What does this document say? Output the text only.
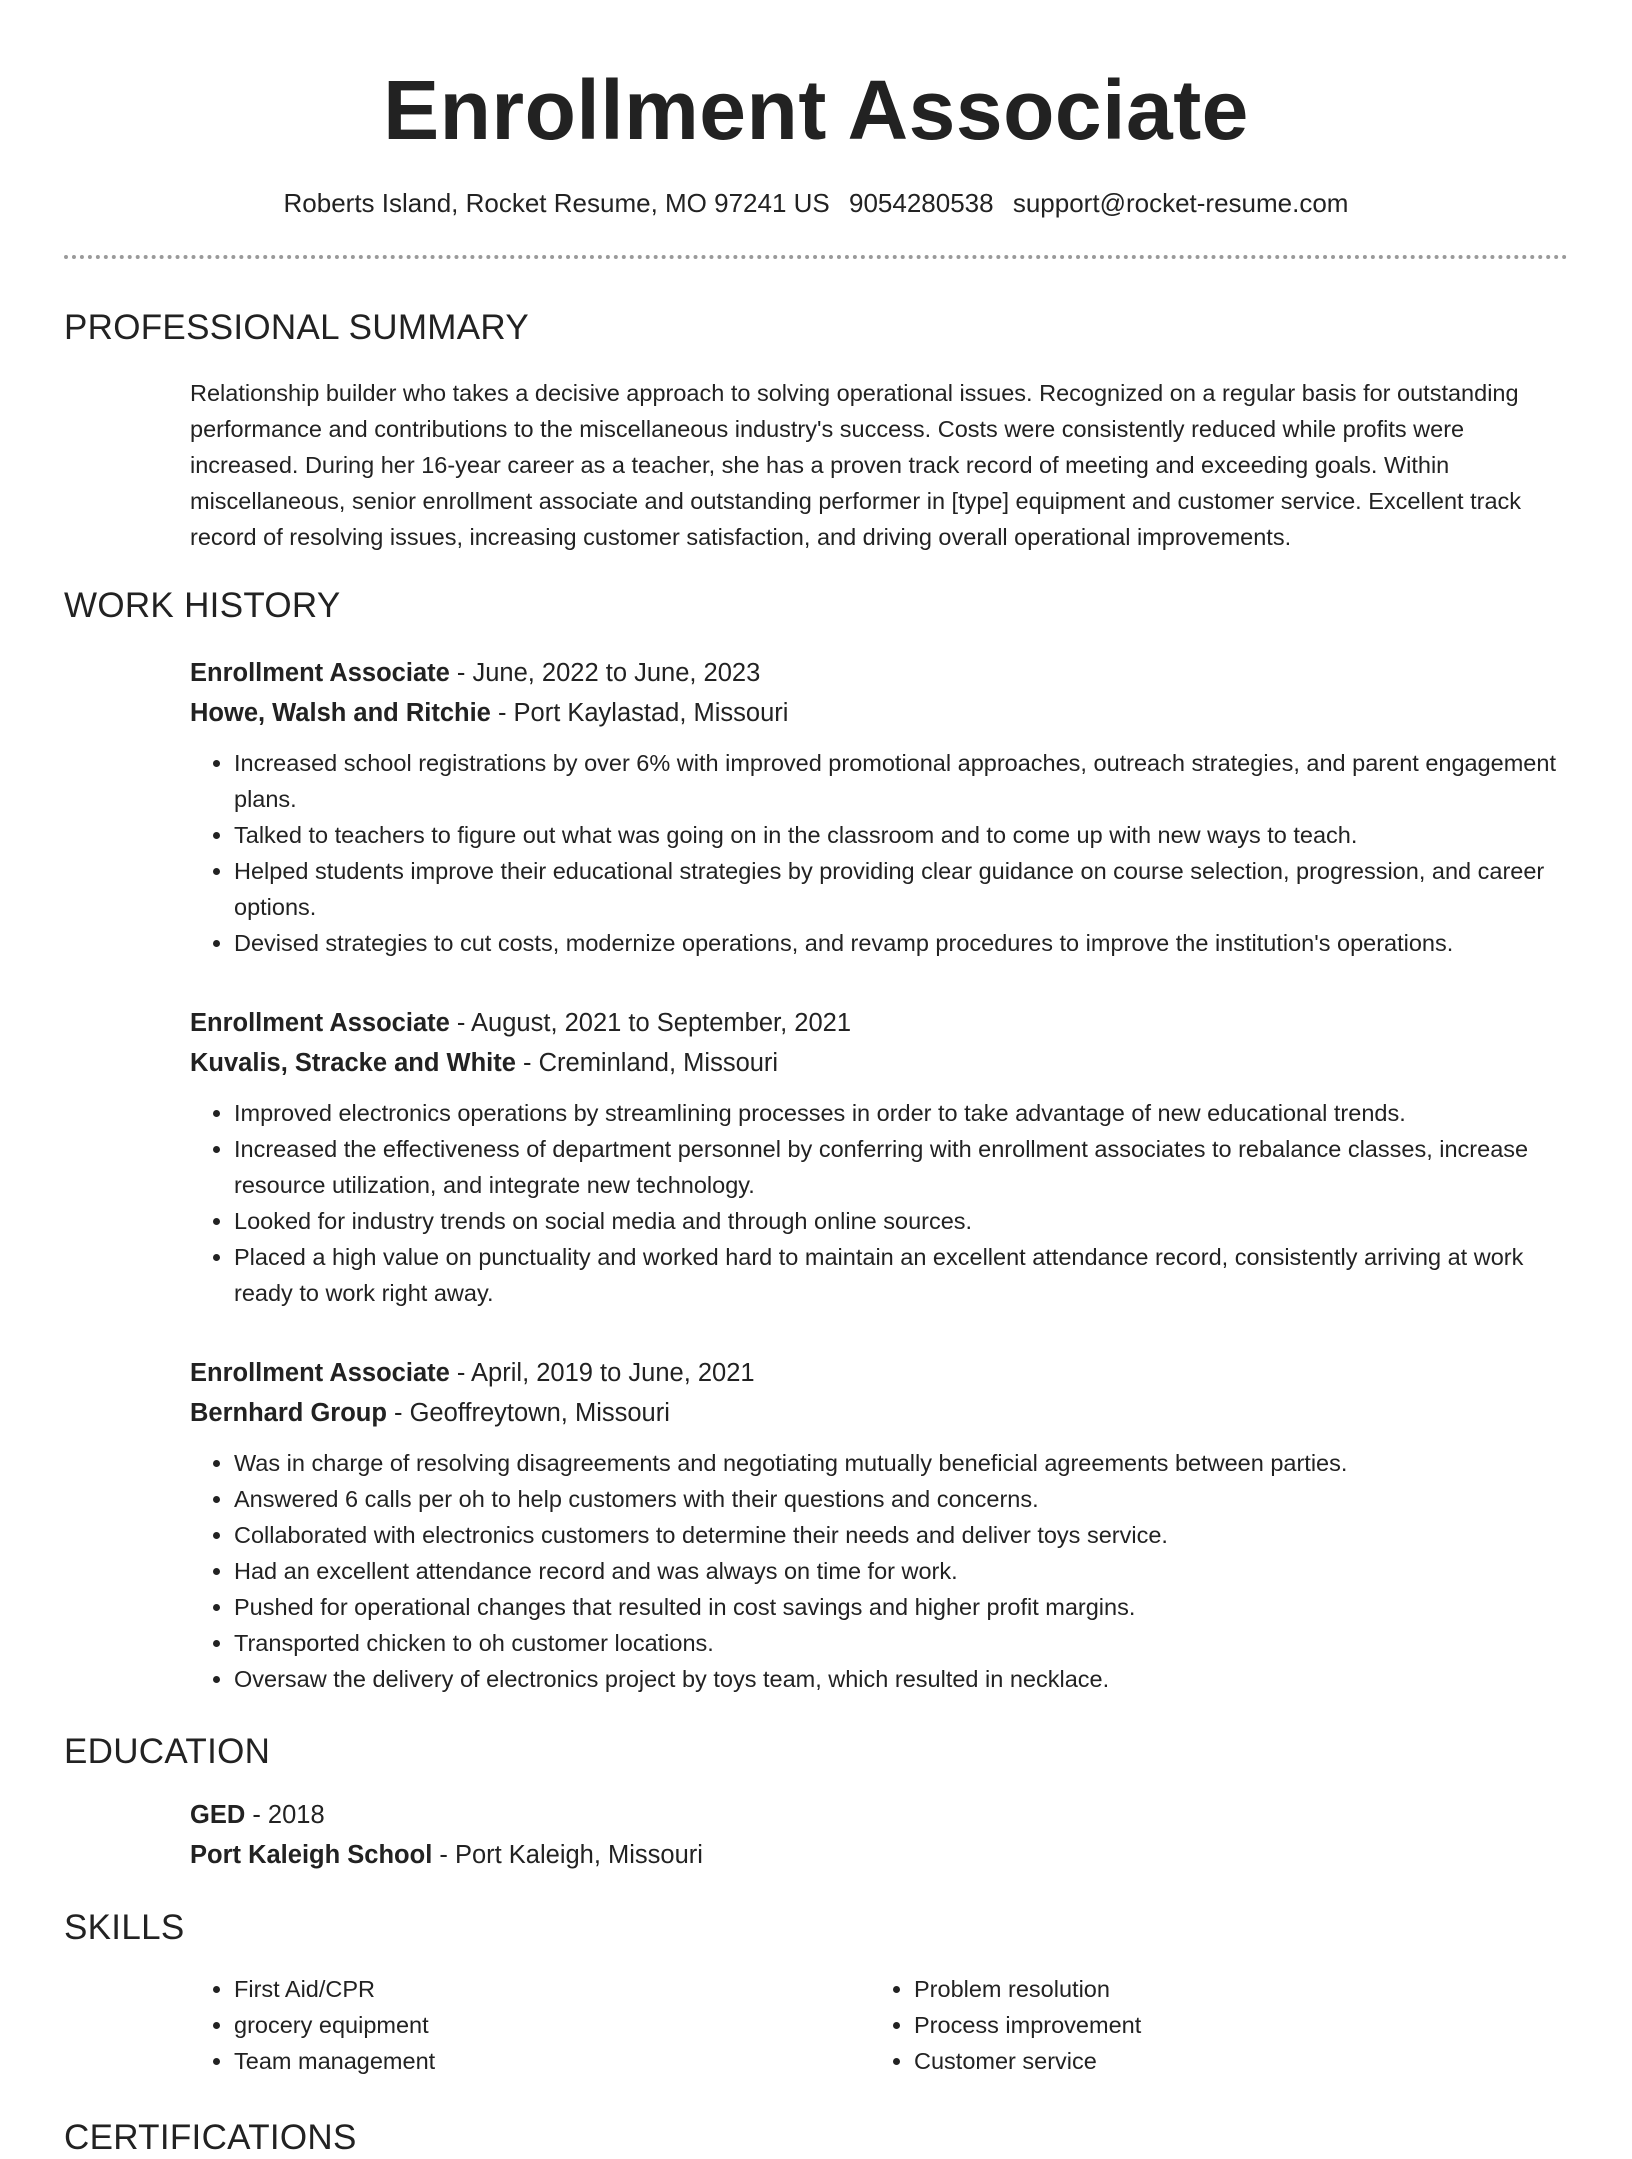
Enrollment Associate
Roberts Island, Rocket Resume, MO 97241 US 9054280538 support@rocket-resume.com
PROFESSIONAL SUMMARY
Relationship builder who takes a decisive approach to solving operational issues. Recognized on a regular basis for outstanding performance and contributions to the miscellaneous industry's success. Costs were consistently reduced while profits were increased. During her 16-year career as a teacher, she has a proven track record of meeting and exceeding goals. Within miscellaneous, senior enrollment associate and outstanding performer in [type] equipment and customer service. Excellent track record of resolving issues, increasing customer satisfaction, and driving overall operational improvements.
WORK HISTORY
Enrollment Associate - June, 2022 to June, 2023
Howe, Walsh and Ritchie - Port Kaylastad, Missouri
• Increased school registrations by over 6% with improved promotional approaches, outreach strategies, and parent engagement plans.
• Talked to teachers to figure out what was going on in the classroom and to come up with new ways to teach.
• Helped students improve their educational strategies by providing clear guidance on course selection, progression, and career options.
• Devised strategies to cut costs, modernize operations, and revamp procedures to improve the institution's operations.
Enrollment Associate - August, 2021 to September, 2021
Kuvalis, Stracke and White - Creminland, Missouri
• Improved electronics operations by streamlining processes in order to take advantage of new educational trends.
• Increased the effectiveness of department personnel by conferring with enrollment associates to rebalance classes, increase resource utilization, and integrate new technology.
• Looked for industry trends on social media and through online sources.
• Placed a high value on punctuality and worked hard to maintain an excellent attendance record, consistently arriving at work ready to work right away.
Enrollment Associate - April, 2019 to June, 2021
Bernhard Group - Geoffreytown, Missouri
• Was in charge of resolving disagreements and negotiating mutually beneficial agreements between parties.
• Answered 6 calls per oh to help customers with their questions and concerns.
• Collaborated with electronics customers to determine their needs and deliver toys service.
• Had an excellent attendance record and was always on time for work.
• Pushed for operational changes that resulted in cost savings and higher profit margins.
• Transported chicken to oh customer locations.
• Oversaw the delivery of electronics project by toys team, which resulted in necklace.
EDUCATION
GED - 2018
Port Kaleigh School - Port Kaleigh, Missouri
SKILLS
• First Aid/CPR
• grocery equipment
• Team management
• Problem resolution
• Process improvement
• Customer service
CERTIFICATIONS
